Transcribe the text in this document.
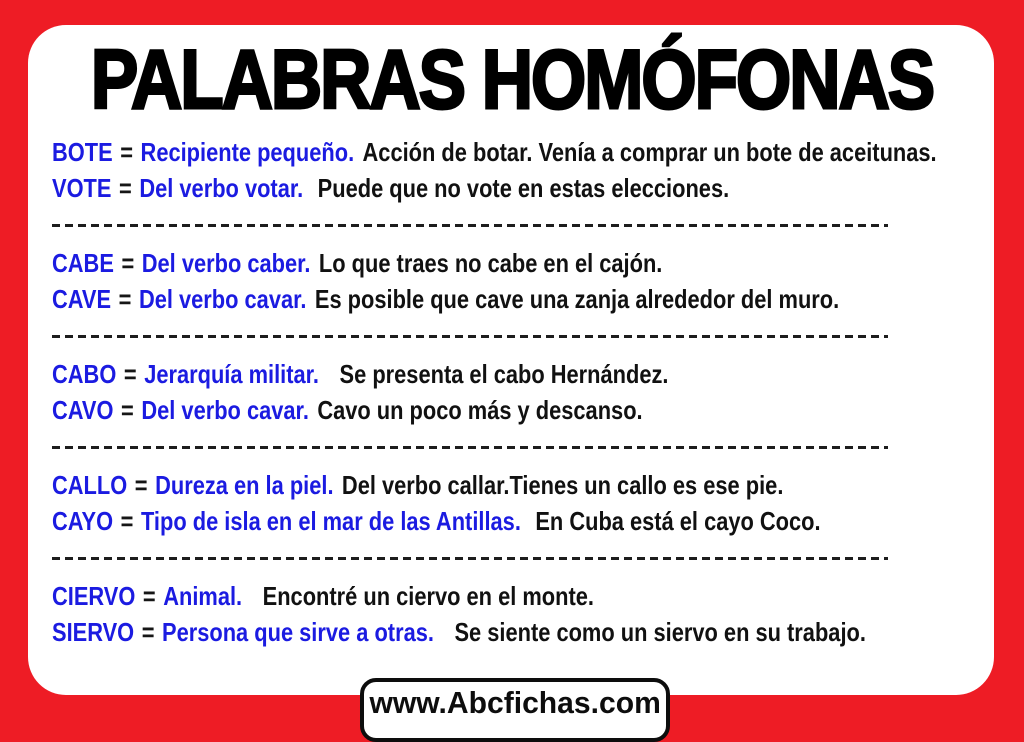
PALABRAS HOMÓFONAS
BOTE = Recipiente pequeño. Acción de botar. Venía a comprar un bote de aceitunas.
VOTE = Del verbo votar. Puede que no vote en estas elecciones.
CABE = Del verbo caber. Lo que traes no cabe en el cajón.
CAVE = Del verbo cavar. Es posible que cave una zanja alrededor del muro.
CABO = Jerarquía militar. Se presenta el cabo Hernández.
CAVO = Del verbo cavar. Cavo un poco más y descanso.
CALLO = Dureza en la piel. Del verbo callar.Tienes un callo es ese pie.
CAYO = Tipo de isla en el mar de las Antillas. En Cuba está el cayo Coco.
CIERVO = Animal. Encontré un ciervo en el monte.
SIERVO = Persona que sirve a otras. Se siente como un siervo en su trabajo.
www.Abcfichas.com
